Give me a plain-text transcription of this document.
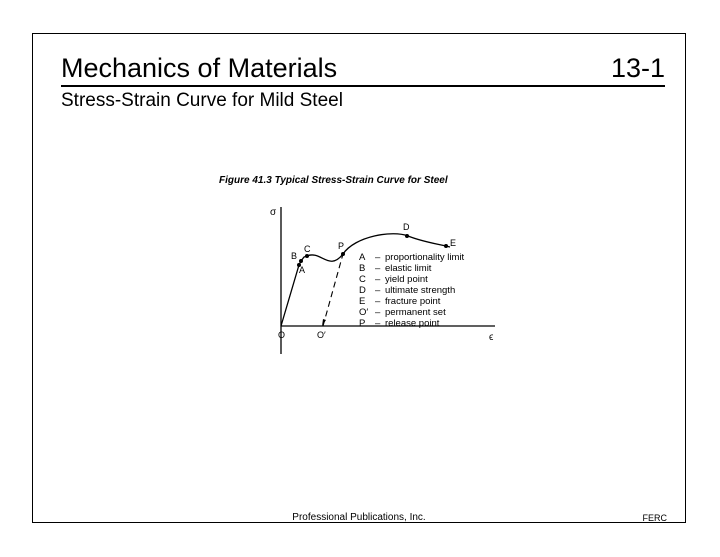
Mechanics of Materials	13-1
Stress-Strain Curve for Mild Steel
Figure 41.3 Typical Stress-Strain Curve for Steel
σ
ϵ
O	O′
A
B
C
D
E
P
A – proportionality limit
B – elastic limit
C – yield point
D – ultimate strength
E – fracture point
O′ – permanent set
P – release point
Professional Publications, Inc.	FERC
